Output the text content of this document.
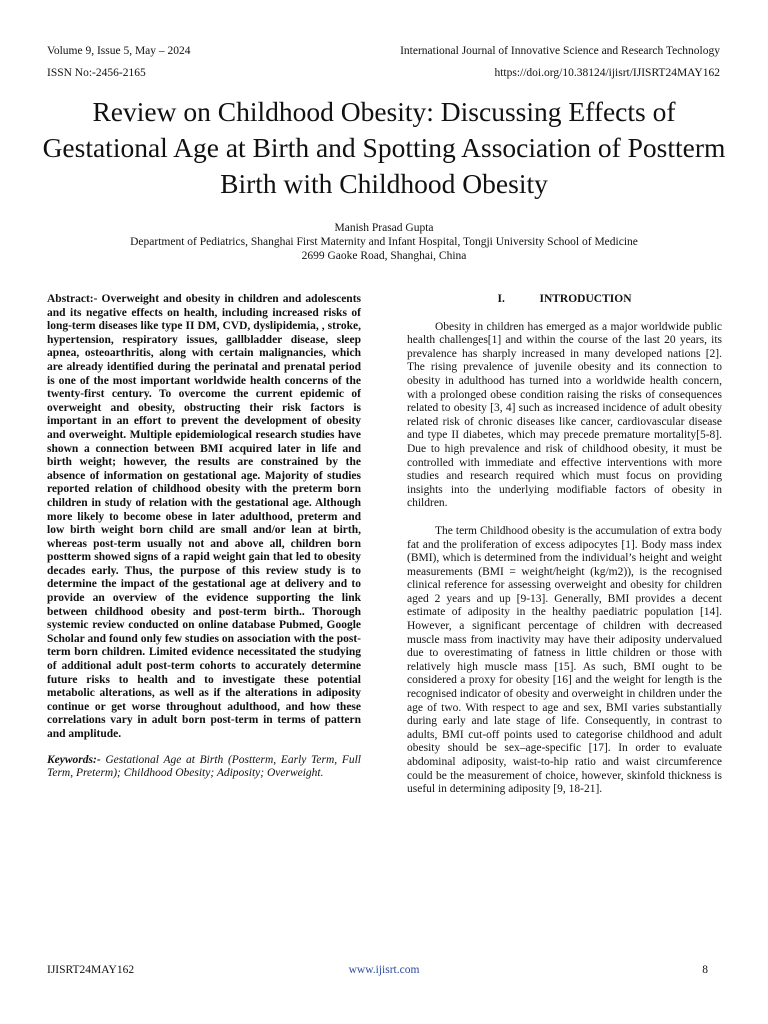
Volume 9, Issue 5, May – 2024
ISSN No:-2456-2165
International Journal of Innovative Science and Research Technology
https://doi.org/10.38124/ijisrt/IJISRT24MAY162
Review on Childhood Obesity: Discussing Effects of Gestational Age at Birth and Spotting Association of Postterm Birth with Childhood Obesity
Manish Prasad Gupta
Department of Pediatrics, Shanghai First Maternity and Infant Hospital, Tongji University School of Medicine
2699 Gaoke Road, Shanghai, China

Abstract:- Overweight and obesity in children and adolescents and its negative effects on health, including increased risks of long-term diseases like type II DM, CVD, dyslipidemia, , stroke, hypertension, respiratory issues, gallbladder disease, sleep apnea, osteoarthritis, along with certain malignancies, which are already identified during the perinatal and prenatal period is one of the most important worldwide health concerns of the twenty-first century. To overcome the current epidemic of overweight and obesity, obstructing their risk factors is important in an effort to prevent the development of obesity and overweight. Multiple epidemiological research studies have shown a connection between BMI acquired later in life and birth weight; however, the results are constrained by the absence of information on gestational age. Majority of studies reported relation of childhood obesity with the preterm born children in study of relation with the gestational age. Although more likely to become obese in later adulthood, preterm and low birth weight born child are small and/or lean at birth, whereas post-term usually not and above all, children born postterm showed signs of a rapid weight gain that led to obesity decades early. Thus, the purpose of this review study is to determine the impact of the gestational age at delivery and to provide an overview of the evidence supporting the link between childhood obesity and post-term birth.. Thorough systemic review conducted on online database Pubmed, Google Scholar and found only few studies on association with the post-term born children. Limited evidence necessitated the studying of additional adult post-term cohorts to accurately determine future risks to health and to investigate these potential metabolic alterations, as well as if the alterations in adiposity continue or get worse throughout adulthood, and how these correlations vary in adult born post-term in terms of pattern and amplitude.

Keywords:- Gestational Age at Birth (Postterm, Early Term, Full Term, Preterm); Childhood Obesity; Adiposity; Overweight.

I.	INTRODUCTION

Obesity in children has emerged as a major worldwide public health challenges[1] and within the course of the last 20 years, its prevalence has sharply increased in many developed nations [2]. The rising prevalence of juvenile obesity and its connection to obesity in adulthood has turned into a worldwide health concern, with a prolonged obese condition raising the risks of consequences related to obesity [3, 4] such as increased incidence of adult obesity related risk of chronic diseases like cancer, cardiovascular disease and type II diabetes, which may precede premature mortality[5-8]. Due to high prevalence and risk of childhood obesity, it must be controlled with immediate and effective interventions with more studies and research required which must focus on providing insights into the underlying modifiable factors of obesity in children.

The term Childhood obesity is the accumulation of extra body fat and the proliferation of excess adipocytes [1]. Body mass index (BMI), which is determined from the individual’s height and weight measurements (BMI = weight/height (kg/m2)), is the recognised clinical reference for assessing overweight and obesity for children aged 2 years and up [9-13]. Generally, BMI provides a decent estimate of adiposity in the healthy paediatric population [14]. However, a significant percentage of children with decreased muscle mass from inactivity may have their adiposity undervalued due to overestimating of fatness in little children or those with relatively high muscle mass [15]. As such, BMI ought to be considered a proxy for obesity [16] and the weight for length is the recognised indicator of obesity and overweight in children under the age of two. With respect to age and sex, BMI varies substantially during early and late stage of life. Consequently, in contrast to adults, BMI cut-off points used to categorise childhood and adult obesity should be sex–age-specific [17]. In order to evaluate abdominal adiposity, waist-to-hip ratio and waist circumference could be the measurement of choice, however, skinfold thickness is useful in determining adiposity [9, 18-21].

IJISRT24MAY162	www.ijisrt.com	8
